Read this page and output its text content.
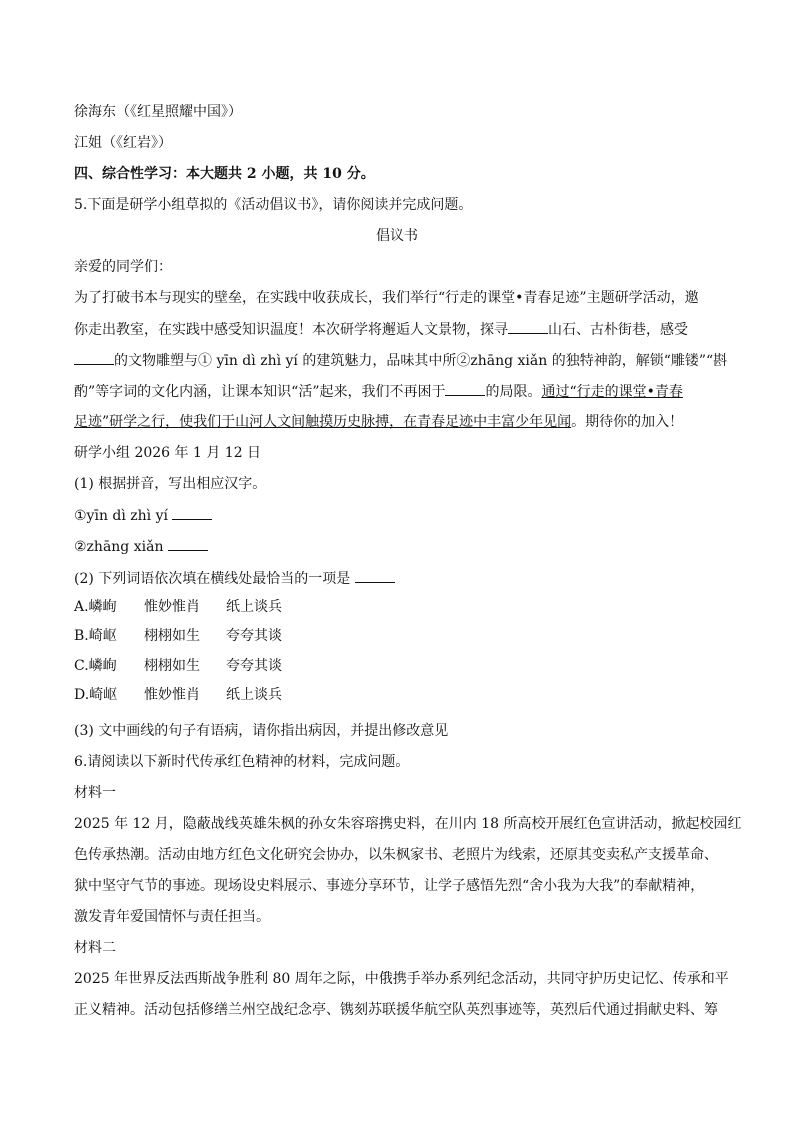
徐海东（《红星照耀中国》）
江姐（《红岩》）
四、综合性学习：本大题共 2 小题，共 10 分。
5.下面是研学小组草拟的《活动倡议书》，请你阅读并完成问题。
倡议书
亲爱的同学们：
为了打破书本与现实的壁垒，在实践中收获成长，我们举行“行走的课堂•青春足迹”主题研学活动，邀
你走出教室，在实践中感受知识温度！本次研学将邂逅人文景物，探寻	山石、古朴街巷，感受
的文物雕塑与① yīn dì zhì yí 的建筑魅力，品味其中所②zhāng xiǎn 的独特神韵，解锁“雕镂”“斟
酌”等字词的文化内涵，让课本知识“活”起来，我们不再困于	的局限。通过“行走的课堂•青春
足迹”研学之行，使我们于山河人文间触摸历史脉搏，在青春足迹中丰富少年见闻。期待你的加入！
研学小组 2026 年 1 月 12 日
(1) 根据拼音，写出相应汉字。
①yīn dì zhì yí
②zhāng xiǎn
(2) 下列词语依次填在横线处最恰当的一项是
A.嶙峋 惟妙惟肖 纸上谈兵
B.崎岖 栩栩如生 夸夸其谈
C.嶙峋 栩栩如生 夸夸其谈
D.崎岖 惟妙惟肖 纸上谈兵
(3) 文中画线的句子有语病，请你指出病因，并提出修改意见
6.请阅读以下新时代传承红色精神的材料，完成问题。
材料一
2025 年 12 月，隐蔽战线英雄朱枫的孙女朱容瑢携史料，在川内 18 所高校开展红色宣讲活动，掀起校园红
色传承热潮。活动由地方红色文化研究会协办，以朱枫家书、老照片为线索，还原其变卖私产支援革命、
狱中坚守气节的事迹。现场设史料展示、事迹分享环节，让学子感悟先烈“舍小我为大我”的奉献精神，
激发青年爱国情怀与责任担当。
材料二
2025 年世界反法西斯战争胜利 80 周年之际，中俄携手举办系列纪念活动，共同守护历史记忆、传承和平
正义精神。活动包括修缮兰州空战纪念亭、镌刻苏联援华航空队英烈事迹等，英烈后代通过捐献史料、筹
